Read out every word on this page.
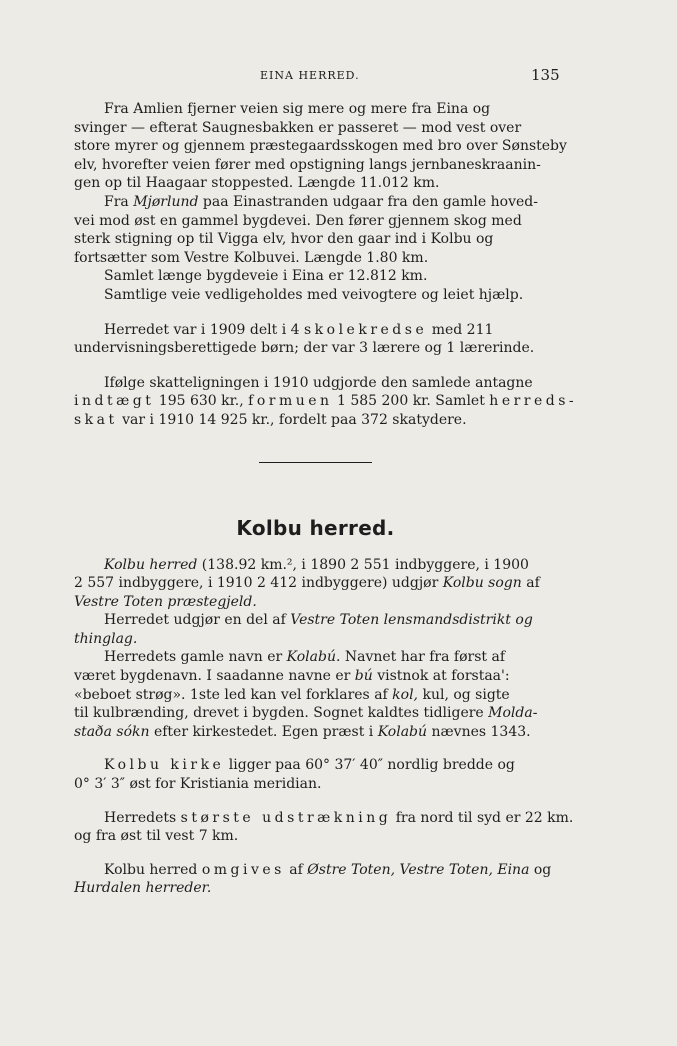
EINA HERRED.	135

Fra Amlien fjerner veien sig mere og mere fra Eina og

svinger — efterat Saugnesbakken er passeret — mod vest over

store myrer og gjennem præstegaardsskogen med bro over Sønsteby

elv, hvorefter veien fører med opstigning langs jernbaneskraanin-

gen op til Haagaar stoppested. Længde 11.012 km.

Fra Mjørlund paa Einastranden udgaar fra den gamle hoved-

vei mod øst en gammel bygdevei. Den fører gjennem skog med

sterk stigning op til Vigga elv, hvor den gaar ind i Kolbu og

fortsætter som Vestre Kolbuvei. Længde 1.80 km.

Samlet længe bygdeveie i Eina er 12.812 km.

Samtlige veie vedligeholdes med veivogtere og leiet hjælp.

Herredet var i 1909 delt i 4 skolekredse med 211

undervisningsberettigede børn; der var 3 lærere og 1 lærerinde.

Ifølge skatteligningen i 1910 udgjorde den samlede antagne

indtægt 195 630 kr., formuen 1 585 200 kr. Samlet herreds-

skat var i 1910 14 925 kr., fordelt paa 372 skatydere.

Kolbu herred.

Kolbu herred (138.92 km.², i 1890 2 551 indbyggere, i 1900

2 557 indbyggere, i 1910 2 412 indbyggere) udgjør Kolbu sogn af

Vestre Toten præstegjeld.

Herredet udgjør en del af Vestre Toten lensmandsdistrikt og

thinglag.

Herredets gamle navn er Kolabú. Navnet har fra først af

været bygdenavn. I saadanne navne er bú vistnok at forstaa':

«beboet strøg». 1ste led kan vel forklares af kol, kul, og sigte

til kulbrænding, drevet i bygden. Sognet kaldtes tidligere Molda-

staða sókn efter kirkestedet. Egen præst i Kolabú nævnes 1343.

Kolbu kirke ligger paa 60° 37′ 40″ nordlig bredde og

0° 3′ 3″ øst for Kristiania meridian.

Herredets største udstrækning fra nord til syd er 22 km.

og fra øst til vest 7 km.

Kolbu herred omgives af Østre Toten, Vestre Toten, Eina og

Hurdalen herreder.
